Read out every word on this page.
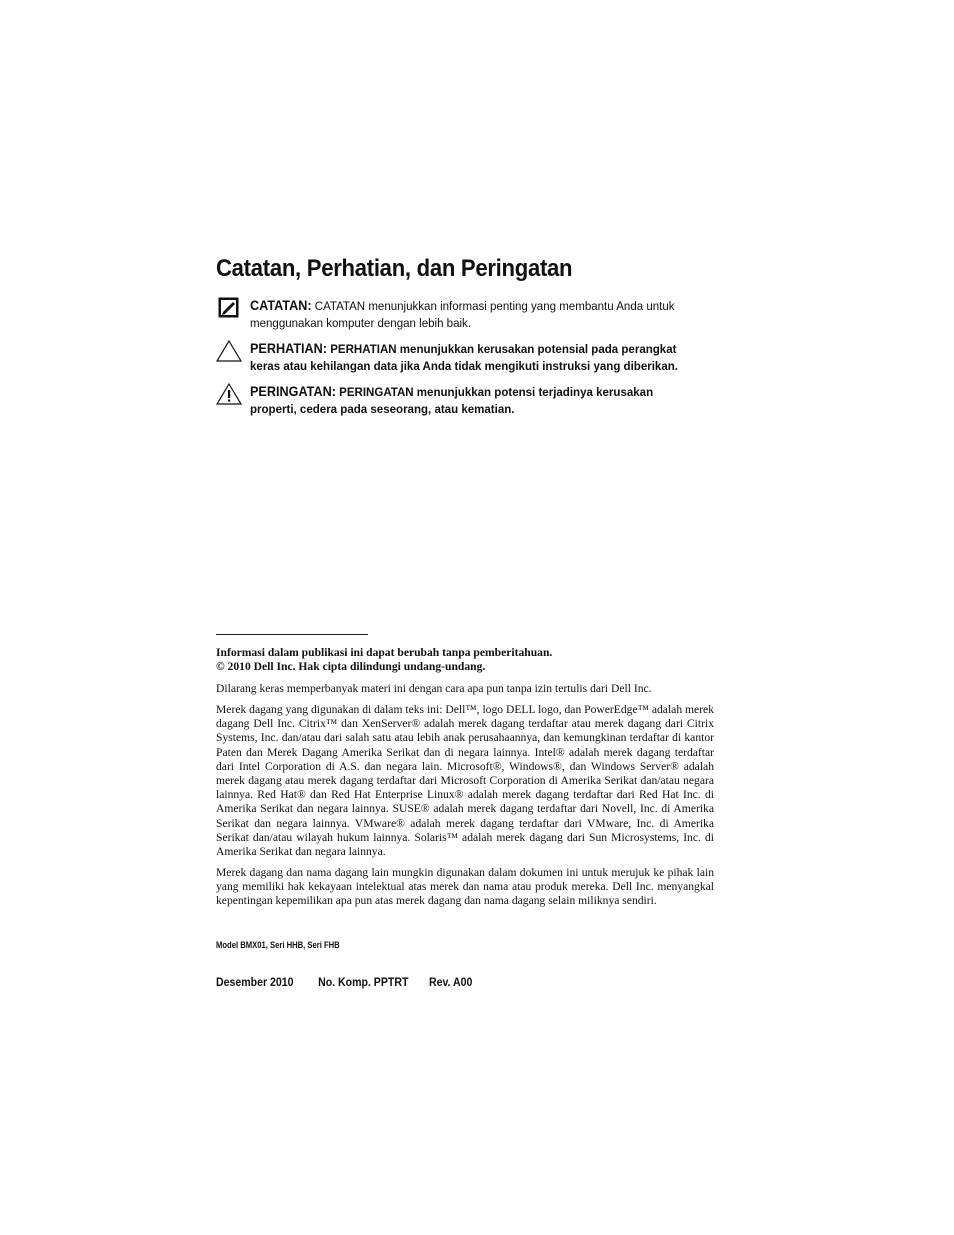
Catatan, Perhatian, dan Peringatan
CATATAN: CATATAN menunjukkan informasi penting yang membantu Anda untuk menggunakan komputer dengan lebih baik.
PERHATIAN: PERHATIAN menunjukkan kerusakan potensial pada perangkat keras atau kehilangan data jika Anda tidak mengikuti instruksi yang diberikan.
PERINGATAN: PERINGATAN menunjukkan potensi terjadinya kerusakan properti, cedera pada seseorang, atau kematian.

Informasi dalam publikasi ini dapat berubah tanpa pemberitahuan.

© 2010 Dell Inc. Hak cipta dilindungi undang-undang.

Dilarang keras memperbanyak materi ini dengan cara apa pun tanpa izin tertulis dari Dell Inc.

Merek dagang yang digunakan di dalam teks ini: Dell™, logo DELL logo, dan PowerEdge™ adalah merek dagang Dell Inc. Citrix™ dan XenServer® adalah merek dagang terdaftar atau merek dagang dari Citrix Systems, Inc. dan/atau dari salah satu atau lebih anak perusahaannya, dan kemungkinan terdaftar di kantor Paten dan Merek Dagang Amerika Serikat dan di negara lainnya. Intel® adalah merek dagang terdaftar dari Intel Corporation di A.S. dan negara lain. Microsoft®, Windows®, dan Windows Server® adalah merek dagang atau merek dagang terdaftar dari Microsoft Corporation di Amerika Serikat dan/atau negara lainnya. Red Hat® dan Red Hat Enterprise Linux® adalah merek dagang terdaftar dari Red Hat Inc. di Amerika Serikat dan negara lainnya. SUSE® adalah merek dagang terdaftar dari Novell, Inc. di Amerika Serikat dan negara lainnya. VMware® adalah merek dagang terdaftar dari VMware, Inc. di Amerika Serikat dan/atau wilayah hukum lainnya. Solaris™ adalah merek dagang dari Sun Microsystems, Inc. di Amerika Serikat dan negara lainnya.

Merek dagang dan nama dagang lain mungkin digunakan dalam dokumen ini untuk merujuk ke pihak lain yang memiliki hak kekayaan intelektual atas merek dan nama atau produk mereka. Dell Inc. menyangkal kepentingan kepemilikan apa pun atas merek dagang dan nama dagang selain miliknya sendiri.

Model BMX01, Seri HHB, Seri FHB
Desember 2010 No. Komp. PPTRT Rev. A00
